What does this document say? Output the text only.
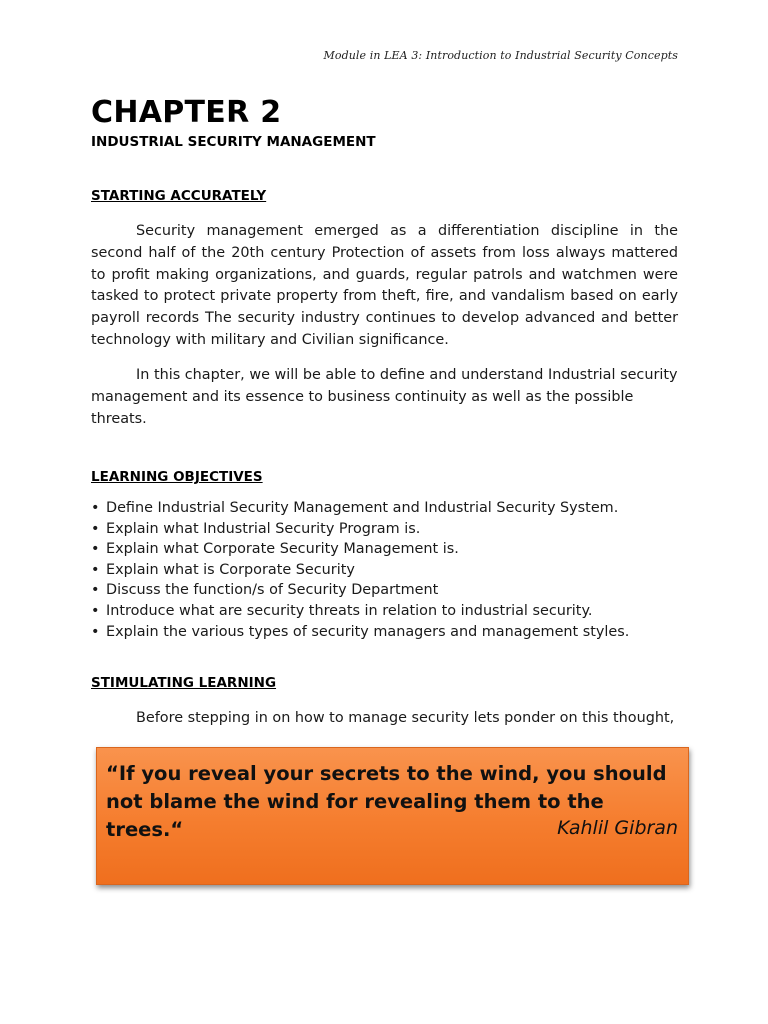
Module in LEA 3: Introduction to Industrial Security Concepts
CHAPTER 2
INDUSTRIAL SECURITY MANAGEMENT
STARTING ACCURATELY

Security management emerged as a differentiation discipline in the second half of the 20th century Protection of assets from loss always mattered to profit making organizations, and guards, regular patrols and watchmen were tasked to protect private property from theft, fire, and vandalism based on early payroll records The security industry continues to develop advanced and better technology with military and Civilian significance.

In this chapter, we will be able to define and understand Industrial security management and its essence to business continuity as well as the possible threats.

LEARNING OBJECTIVES
• Define Industrial Security Management and Industrial Security System.
• Explain what Industrial Security Program is.
• Explain what Corporate Security Management is.
• Explain what is Corporate Security
• Discuss the function/s of Security Department
• Introduce what are security threats in relation to industrial security.
• Explain the various types of security managers and management styles.
STIMULATING LEARNING

Before stepping in on how to manage security lets ponder on this thought,

“If you reveal your secrets to the wind, you should not blame the wind for revealing them to the trees.“	Kahlil Gibran
